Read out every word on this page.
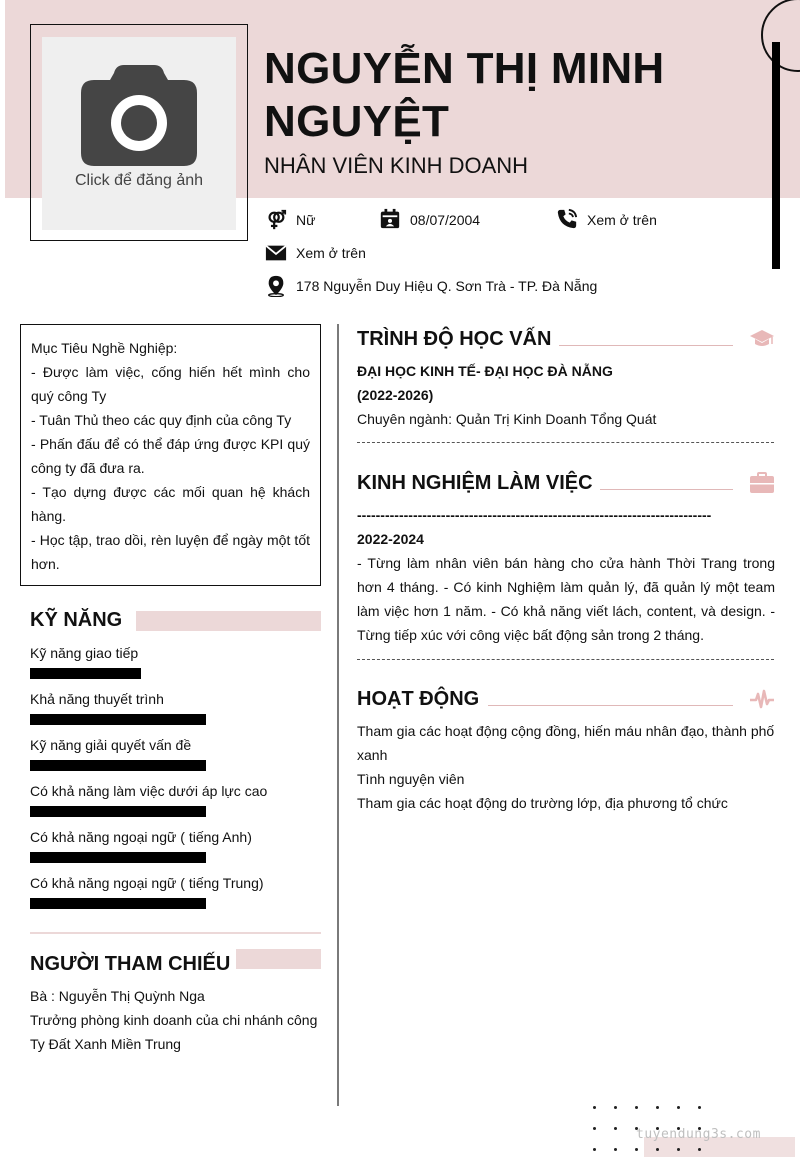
Click để đăng ảnh
NGUYỄN THỊ MINH NGUYỆT
NHÂN VIÊN KINH DOANH
Nữ	08/07/2004	Xem ở trên
Xem ở trên
178 Nguyễn Duy Hiệu Q. Sơn Trà - TP. Đà Nẵng
Mục Tiêu Nghề Nghiệp:
- Được làm việc, cống hiến hết mình cho quý công Ty
- Tuân Thủ theo các quy định của công Ty
- Phấn đấu để có thể đáp ứng được KPI quý công ty đã đưa ra.
- Tạo dựng được các mối quan hệ khách hàng.
- Học tập, trao dồi, rèn luyện để ngày một tốt hơn.
KỸ NĂNG
Kỹ năng giao tiếp
Khả năng thuyết trình
Kỹ năng giải quyết vấn đề
Có khả năng làm việc dưới áp lực cao
Có khả năng ngoại ngữ ( tiếng Anh)
Có khả năng ngoại ngữ ( tiếng Trung)
NGƯỜI THAM CHIẾU
Bà : Nguyễn Thị Quỳnh Nga
Trưởng phòng kinh doanh của chi nhánh công Ty Đất Xanh Miền Trung
TRÌNH ĐỘ HỌC VẤN
ĐẠI HỌC KINH TẾ- ĐẠI HỌC ĐÀ NẴNG
(2022-2026)
Chuyên ngành: Quản Trị Kinh Doanh Tổng Quát
KINH NGHIỆM LÀM VIỆC
----------------------------------------------------------------------------
2022-2024
- Từng làm nhân viên bán hàng cho cửa hành Thời Trang trong hơn 4 tháng. - Có kinh Nghiệm làm quản lý, đã quản lý một team làm việc hơn 1 năm. - Có khả năng viết lách, content, và design. - Từng tiếp xúc với công việc bất động sản trong 2 tháng.
HOẠT ĐỘNG
Tham gia các hoạt động cộng đồng, hiến máu nhân đạo, thành phố xanh
Tình nguyện viên
Tham gia các hoạt động do trường lớp, địa phương tổ chức
tuyendung3s.com
